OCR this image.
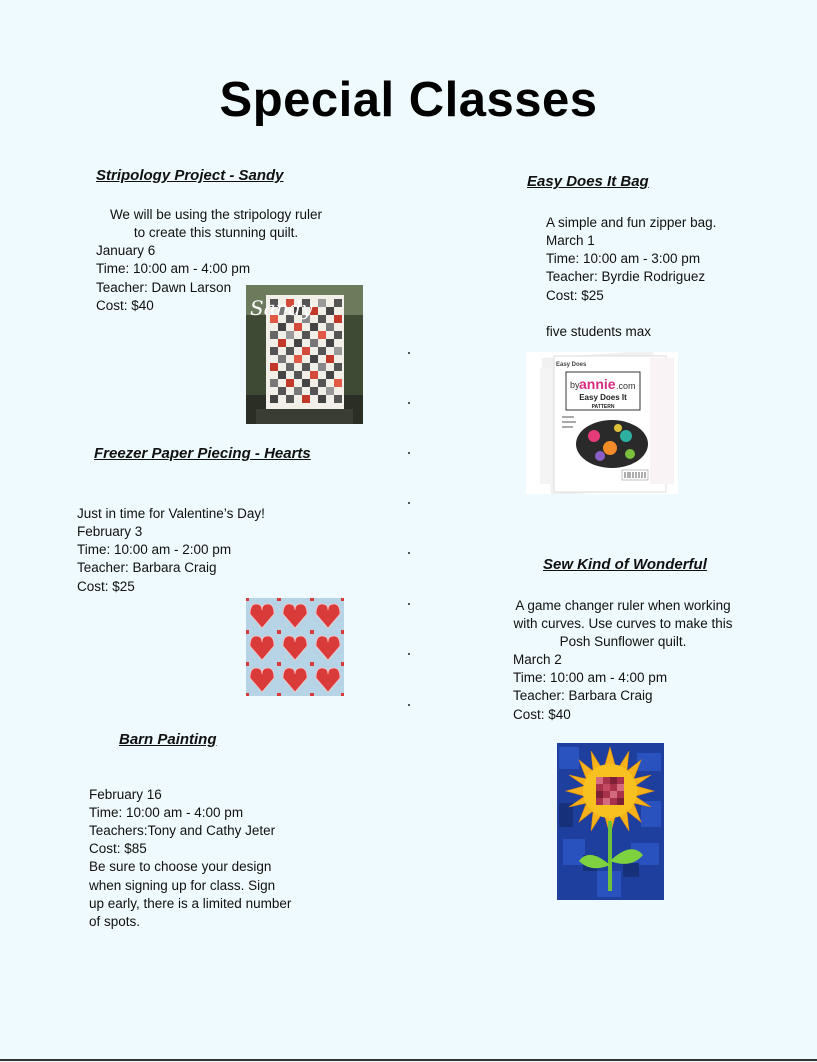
Special Classes
Stripology Project - Sandy
We will be using the stripology ruler
to create this stunning quilt.
January 6
Time: 10:00 am - 4:00 pm
Teacher: Dawn Larson
Cost: $40	Sandy
Freezer Paper Piecing - Hearts
Just in time for Valentine’s Day!
February 3
Time: 10:00 am - 2:00 pm
Teacher: Barbara Craig
Cost: $25
Barn Painting
February 16
Time: 10:00 am - 4:00 pm
Teachers:Tony and Cathy Jeter
Cost: $85
Be sure to choose your design
when signing up for class. Sign
up early, there is a limited number
of spots.
Easy Does It Bag
A simple and fun zipper bag.
March 1
Time: 10:00 am - 3:00 pm
Teacher: Byrdie Rodriguez
Cost: $25
five students max
Easy Does
by annie .com
Easy Does It
PATTERN
Sew Kind of Wonderful
A game changer ruler when working
with curves. Use curves to make this
Posh Sunflower quilt.
March 2
Time: 10:00 am - 4:00 pm
Teacher: Barbara Craig
Cost: $40
